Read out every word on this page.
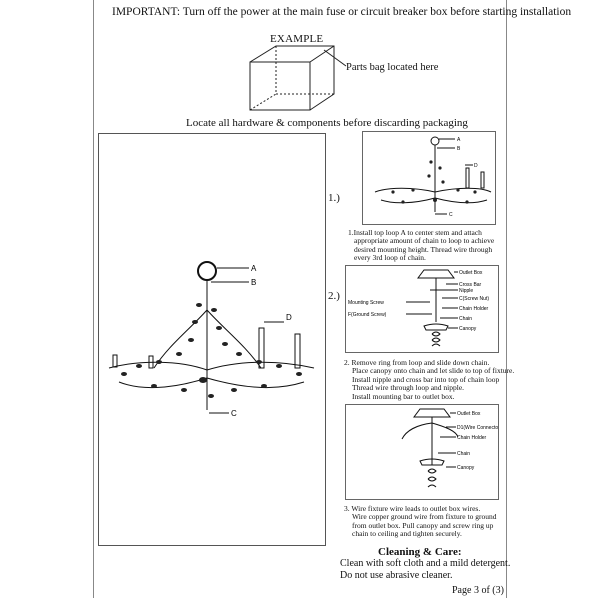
IMPORTANT: Turn off the power at the main fuse or circuit breaker box before starting installation
EXAMPLE
Parts bag located here
Locate all hardware & components before discarding packaging
A
B
D
C
1.)
A
B
D
C
1.Install top loop A to center stem and attach
appropriate amount of chain to loop to achieve
desired mounting height. Thread wire through
every 3rd loop of chain.
2.)
Outlet Box
Cross Bar
Nipple
C(Screw Nut)
Chain Holder
Chain
Canopy
Mounting Screw
F(Ground Screw)
2. Remove ring from loop and slide down chain.
Place canopy onto chain and let slide to top of fixture.
Install nipple and cross bar into top of chain loop
Thread wire through loop and nipple.
Install mounting bar to outlet box.
Outlet Box
D1(Wire Connector)
Chain Holder
Chain
Canopy
3. Wire fixture wire leads to outlet box wires.
Wire copper ground wire from fixture to ground
from outlet box. Pull canopy and screw ring up
chain to ceiling and tighten securely.
Cleaning & Care:
Clean with soft cloth and a mild detergent.
Do not use abrasive cleaner.
Page 3 of (3)
